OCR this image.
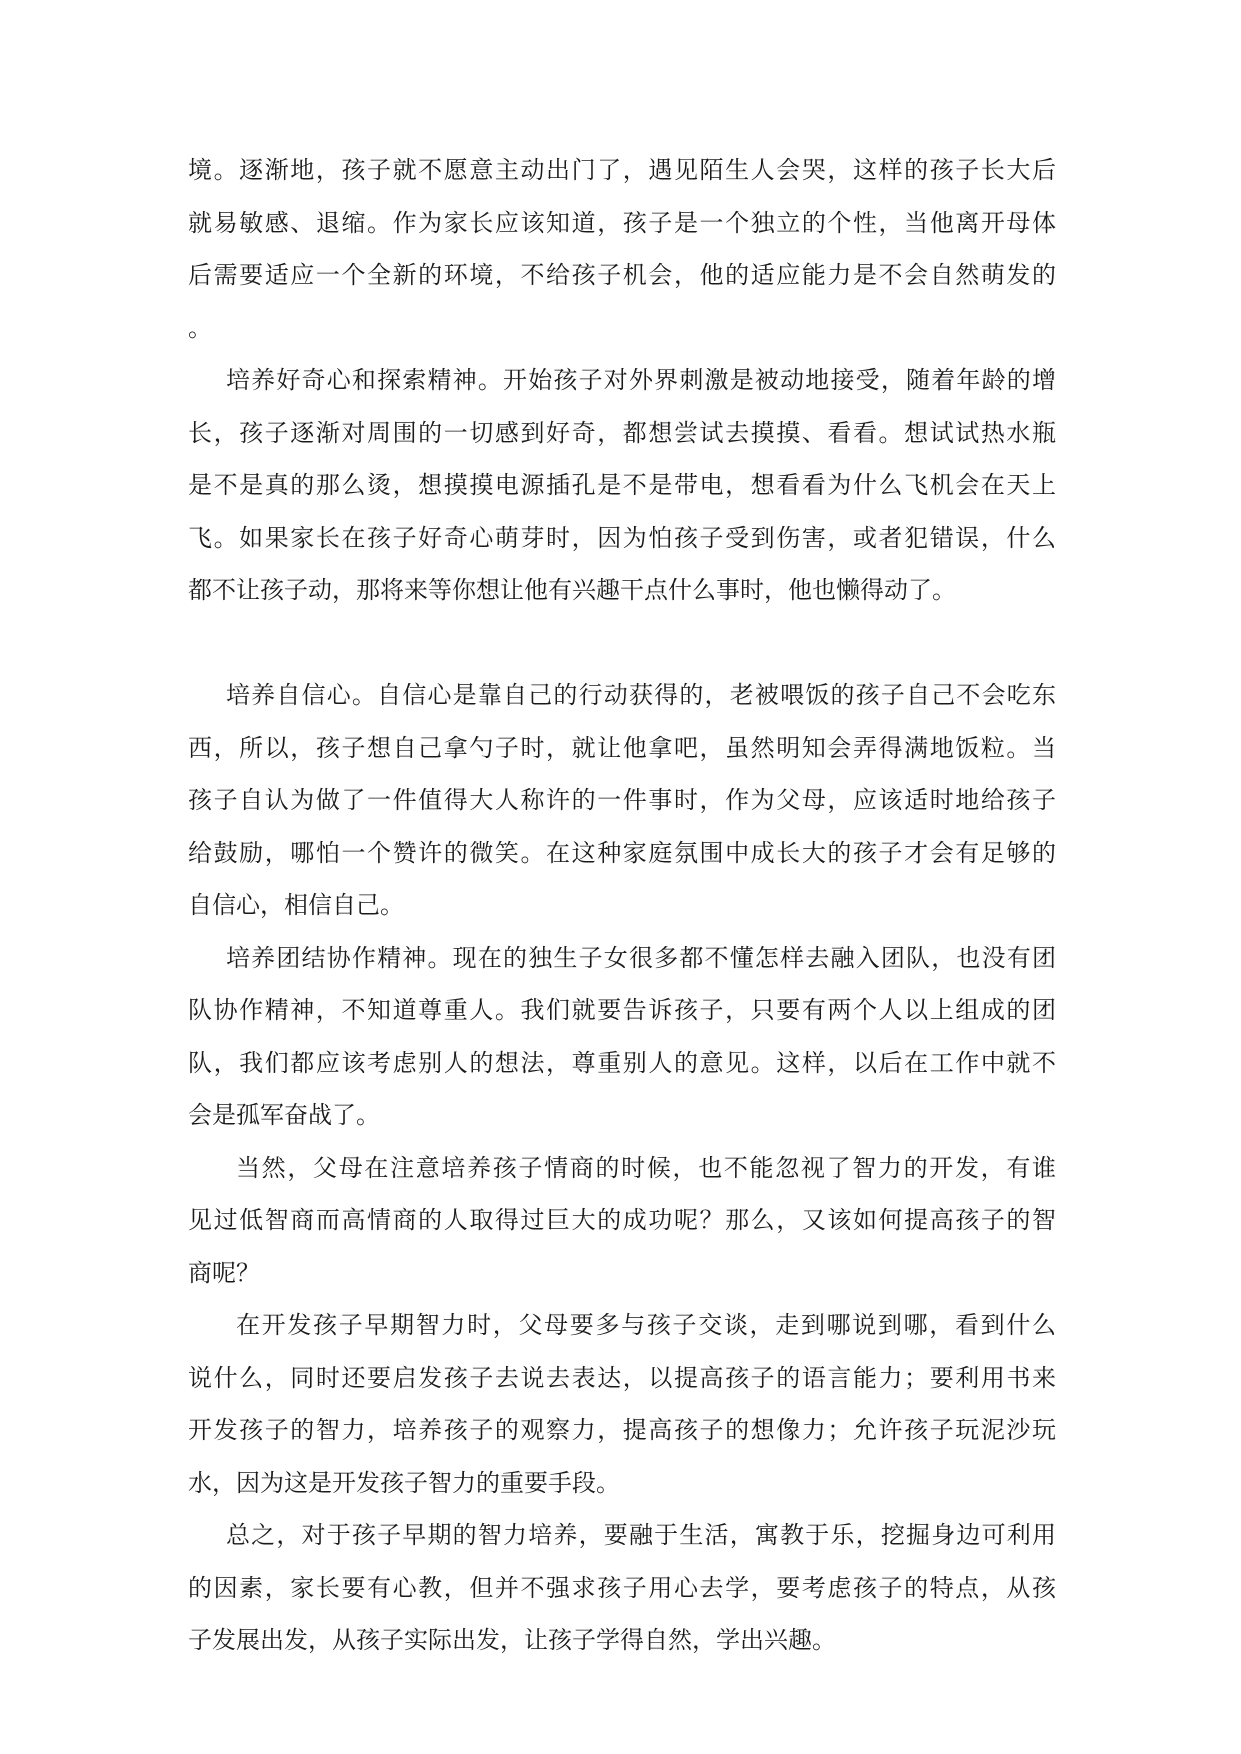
境。逐渐地，孩子就不愿意主动出门了，遇见陌生人会哭，这样的孩子长大后
就易敏感、退缩。作为家长应该知道，孩子是一个独立的个性，当他离开母体
后需要适应一个全新的环境，不给孩子机会，他的适应能力是不会自然萌发的
。
培养好奇心和探索精神。开始孩子对外界刺激是被动地接受，随着年龄的增
长，孩子逐渐对周围的一切感到好奇，都想尝试去摸摸、看看。想试试热水瓶
是不是真的那么烫，想摸摸电源插孔是不是带电，想看看为什么飞机会在天上
飞。如果家长在孩子好奇心萌芽时，因为怕孩子受到伤害，或者犯错误，什么
都不让孩子动，那将来等你想让他有兴趣干点什么事时，他也懒得动了。
培养自信心。自信心是靠自己的行动获得的，老被喂饭的孩子自己不会吃东
西，所以，孩子想自己拿勺子时，就让他拿吧，虽然明知会弄得满地饭粒。当
孩子自认为做了一件值得大人称许的一件事时，作为父母，应该适时地给孩子
给鼓励，哪怕一个赞许的微笑。在这种家庭氛围中成长大的孩子才会有足够的
自信心，相信自己。
培养团结协作精神。现在的独生子女很多都不懂怎样去融入团队，也没有团
队协作精神，不知道尊重人。我们就要告诉孩子，只要有两个人以上组成的团
队，我们都应该考虑别人的想法，尊重别人的意见。这样，以后在工作中就不
会是孤军奋战了。
当然，父母在注意培养孩子情商的时候，也不能忽视了智力的开发，有谁
见过低智商而高情商的人取得过巨大的成功呢？那么，又该如何提高孩子的智
商呢？
在开发孩子早期智力时，父母要多与孩子交谈，走到哪说到哪，看到什么
说什么，同时还要启发孩子去说去表达，以提高孩子的语言能力；要利用书来
开发孩子的智力，培养孩子的观察力，提高孩子的想像力；允许孩子玩泥沙玩
水，因为这是开发孩子智力的重要手段。
总之，对于孩子早期的智力培养，要融于生活，寓教于乐，挖掘身边可利用
的因素，家长要有心教，但并不强求孩子用心去学，要考虑孩子的特点，从孩
子发展出发，从孩子实际出发，让孩子学得自然，学出兴趣。
